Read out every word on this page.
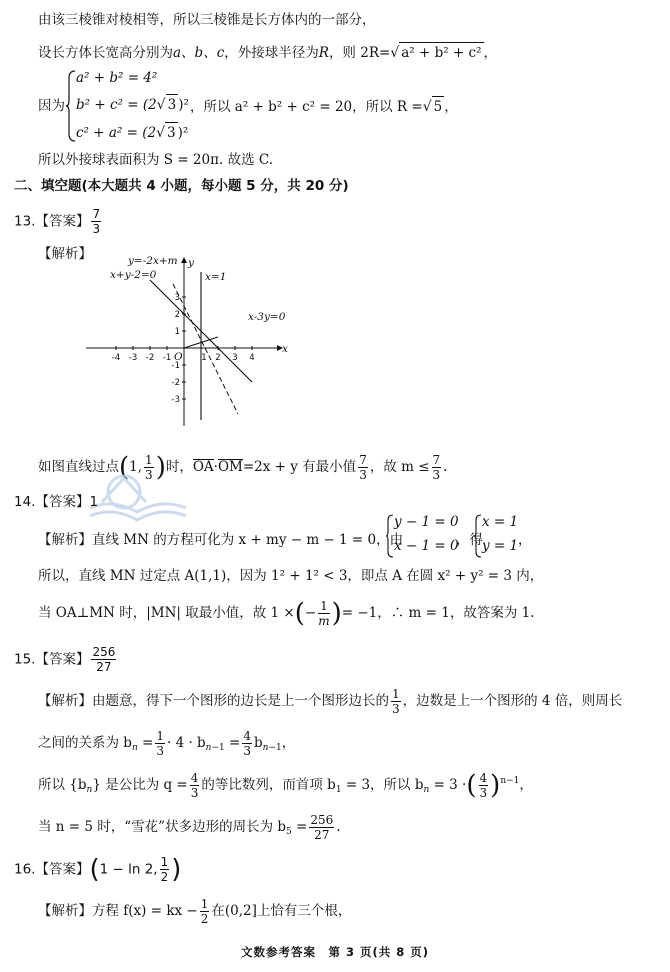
由该三棱锥对棱相等，所以三棱锥是长方体内的一部分，
设长方体长宽高分别为a、b、c，外接球半径为R，则 2R=√ a² + b² + c² ，
因为
a² + b² = 4²
b² + c² = (2√ 3 )²
c² + a² = (2√ 3 )²
，所以 a² + b² + c² = 20，所以 R =√ 5 ，
所以外接球表面积为 S = 20π. 故选 C.
二、填空题(本大题共 4 小题，每小题 5 分，共 20 分)
13.【答案】 $\frac{7}{3}$
【解析】	y=-2x+m
x+y-2=0	x=1
x-3y=0
x
y
O
-4 -3 -2 -1	1 2 3 4
3
2
1
-1
-2
-3
如图直线过点(1, $\frac{1}{3}$ )时，OA·OM=2x + y 有最小值 $\frac{7}{3}$ ，故 $m \le \frac{7}{3}$ .
14.【答案】1
【解析】直线 MN 的方程可化为 x + my − m − 1 = 0，由
y − 1 = 0
x − 1 = 0
，得
x = 1
y = 1 ，
所以，直线 MN 过定点 A(1,1)，因为 1² + 1² < 3，即点 A 在圆 x² + y² = 3 内，
当 OA⊥MN 时，|MN| 取最小值，故 1 ×(− $\frac{1}{m}$ )= −1，∴ m = 1，故答案为 1.
15.【答案】 $\frac{256}{27}$
【解析】由题意，得下一个图形的边长是上一个图形边长的 $\frac{1}{3}$ ，边数是上一个图形的 4 倍，则周长
之间的关系为 $b_n = \frac{1}{3} \cdot 4 \cdot b_{n-1} = \frac{4}{3} b_{n-1}$，
所以 $\{b_n\}$ 是公比为 $q = \frac{4}{3}$ 的等比数列，而首项 $b_1 = 3$，所以 $b_n = 3$ ·( $\frac{4}{3} )^{n-1}$，
当 n = 5 时，“雪花”状多边形的周长为 $b_5 = \frac{256}{27}$ .
16.【答案】(1 − ln 2, $\frac{1}{2}$ )
【解析】方程 f(x) = kx − $\frac{1}{2}$ 在(0,2]上恰有三个根，
文数参考答案　第 3 页(共 8 页)
